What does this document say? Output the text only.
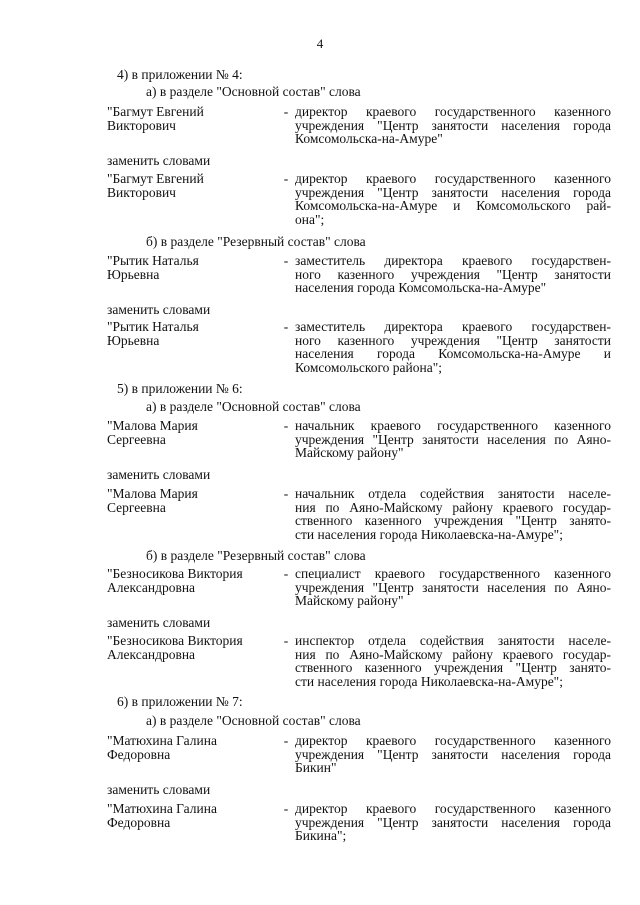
4
4) в приложении № 4:
а) в разделе "Основной состав" слова
"Багмут Евгений
Викторович
- директор краевого государственного казенного
учреждения "Центр занятости населения города
Комсомольска-на-Амуре"
заменить словами
"Багмут Евгений
Викторович
- директор краевого государственного казенного
учреждения "Центр занятости населения города
Комсомольска-на-Амуре и Комсомольского рай-
она";
б) в разделе "Резервный состав" слова
"Рытик Наталья
Юрьевна
- заместитель директора краевого государствен-
ного казенного учреждения "Центр занятости
населения города Комсомольска-на-Амуре"
заменить словами
"Рытик Наталья
Юрьевна
- заместитель директора краевого государствен-
ного казенного учреждения "Центр занятости
населения города Комсомольска-на-Амуре и
Комсомольского района";
5) в приложении № 6:
а) в разделе "Основной состав" слова
"Малова Мария
Сергеевна
- начальник краевого государственного казенного
учреждения "Центр занятости населения по Аяно-
Майскому району"
заменить словами
"Малова Мария
Сергеевна
- начальник отдела содействия занятости населе-
ния по Аяно-Майскому району краевого государ-
ственного казенного учреждения "Центр занято-
сти населения города Николаевска-на-Амуре";
б) в разделе "Резервный состав" слова
"Безносикова Виктория
Александровна
- специалист краевого государственного казенного
учреждения "Центр занятости населения по Аяно-
Майскому району"
заменить словами
"Безносикова Виктория
Александровна
- инспектор отдела содействия занятости населе-
ния по Аяно-Майскому району краевого государ-
ственного казенного учреждения "Центр занято-
сти населения города Николаевска-на-Амуре";
6) в приложении № 7:
а) в разделе "Основной состав" слова
"Матюхина Галина
Федоровна
- директор краевого государственного казенного
учреждения "Центр занятости населения города
Бикин"
заменить словами
"Матюхина Галина
Федоровна
- директор краевого государственного казенного
учреждения "Центр занятости населения города
Бикина";
